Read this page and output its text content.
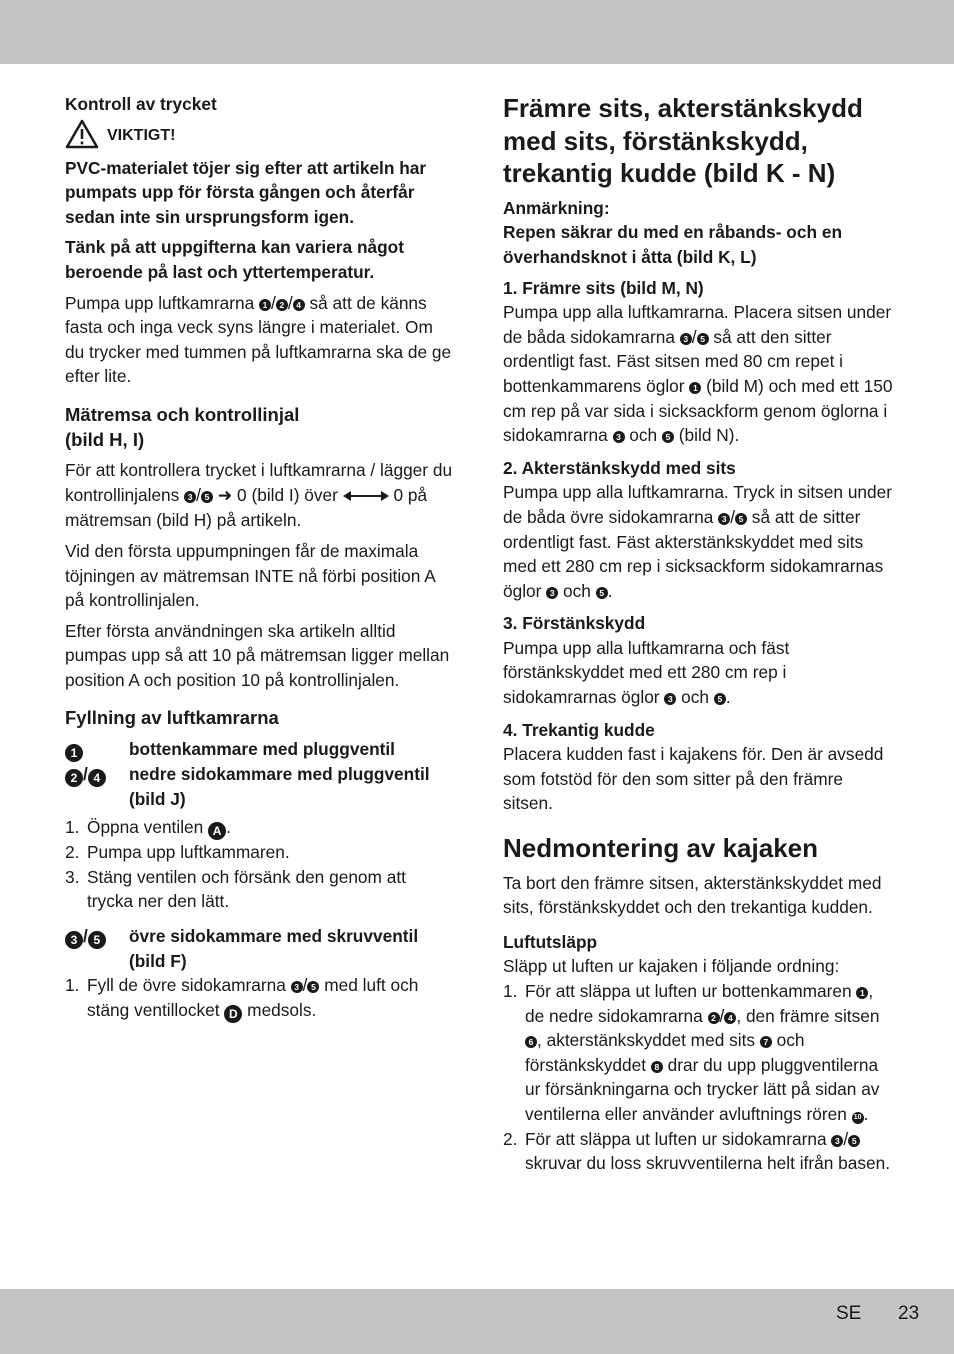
Kontroll av trycket

VIKTIGT!

PVC-materialet töjer sig efter att artikeln har pumpats upp för första gången och återfår sedan inte sin ursprungsform igen.

Tänk på att uppgifterna kan variera något beroende på last och yttertemperatur.

Pumpa upp luftkamrarna 1 / 2 / 4 så att de känns fasta och inga veck syns längre i materialet. Om du trycker med tummen på luftkamrarna ska de ge efter lite.

Mätremsa och kontrollinjal

(bild H, I)

För att kontrollera trycket i luftkamrarna / lägger du kontrollinjalens 3 / 5 ➜ 0 (bild I) över	0 på mätremsan (bild H) på artikeln.

Vid den första uppumpningen får de maximala töjningen av mätremsan INTE nå förbi position A på kontrollinjalen.

Efter första användningen ska artikeln alltid pumpas upp så att 10 på mätremsan ligger mellan position A och position 10 på kontrollinjalen.

Fyllning av luftkamrarna

1	bottenkammare med pluggventil
2 / 4	nedre sidokammare med pluggventil (bild J)
1. Öppna ventilen A .
2. Pumpa upp luftkammaren.
3. Stäng ventilen och försänk den genom att trycka ner den lätt.
3 / 5	övre sidokammare med skruvventil (bild F)
1. Fyll de övre sidokamrarna 3 / 5 med luft och stäng ventillocket D medsols.

Främre sits, akterstänkskydd

med sits, förstänkskydd,

trekantig kudde (bild K - N)

Anmärkning:

Repen säkrar du med en råbands- och en överhandsknot i åtta (bild K, L)

1. Främre sits (bild M, N)

Pumpa upp alla luftkamrarna. Placera sitsen under de båda sidokamrarna 3 / 5 så att den sitter ordentligt fast. Fäst sitsen med 80 cm repet i bottenkammarens öglor 1 (bild M) och med ett 150 cm rep på var sida i sicksackform genom öglorna i sidokamrarna 3 och 5 (bild N).

2. Akterstänkskydd med sits

Pumpa upp alla luftkamrarna. Tryck in sitsen under de båda övre sidokamrarna 3 / 5 så att de sitter ordentligt fast. Fäst akterstänkskyddet med sits med ett 280 cm rep i sicksackform sidokamrarnas öglor 3 och 5 .

3. Förstänkskydd

Pumpa upp alla luftkamrarna och fäst förstänkskyddet med ett 280 cm rep i sidokamrarnas öglor 3 och 5 .

4. Trekantig kudde

Placera kudden fast i kajakens för. Den är avsedd som fotstöd för den som sitter på den främre sitsen.

Nedmontering av kajaken

Ta bort den främre sitsen, akterstänkskyddet med sits, förstänkskyddet och den trekantiga kudden.

Luftutsläpp

Släpp ut luften ur kajaken i följande ordning:

1. För att släppa ut luften ur bottenkammaren 1 , de nedre sidokamrarna 2 / 4 , den främre sitsen 6 , akterstänkskyddet med sits 7 och förstänkskyddet 8 drar du upp pluggventilerna ur försänkningarna och trycker lätt på sidan av ventilerna eller använder avluftnings rören 10 .
2. För att släppa ut luften ur sidokamrarna 3 / 5 skruvar du loss skruvventilerna helt ifrån basen.
SE 23
